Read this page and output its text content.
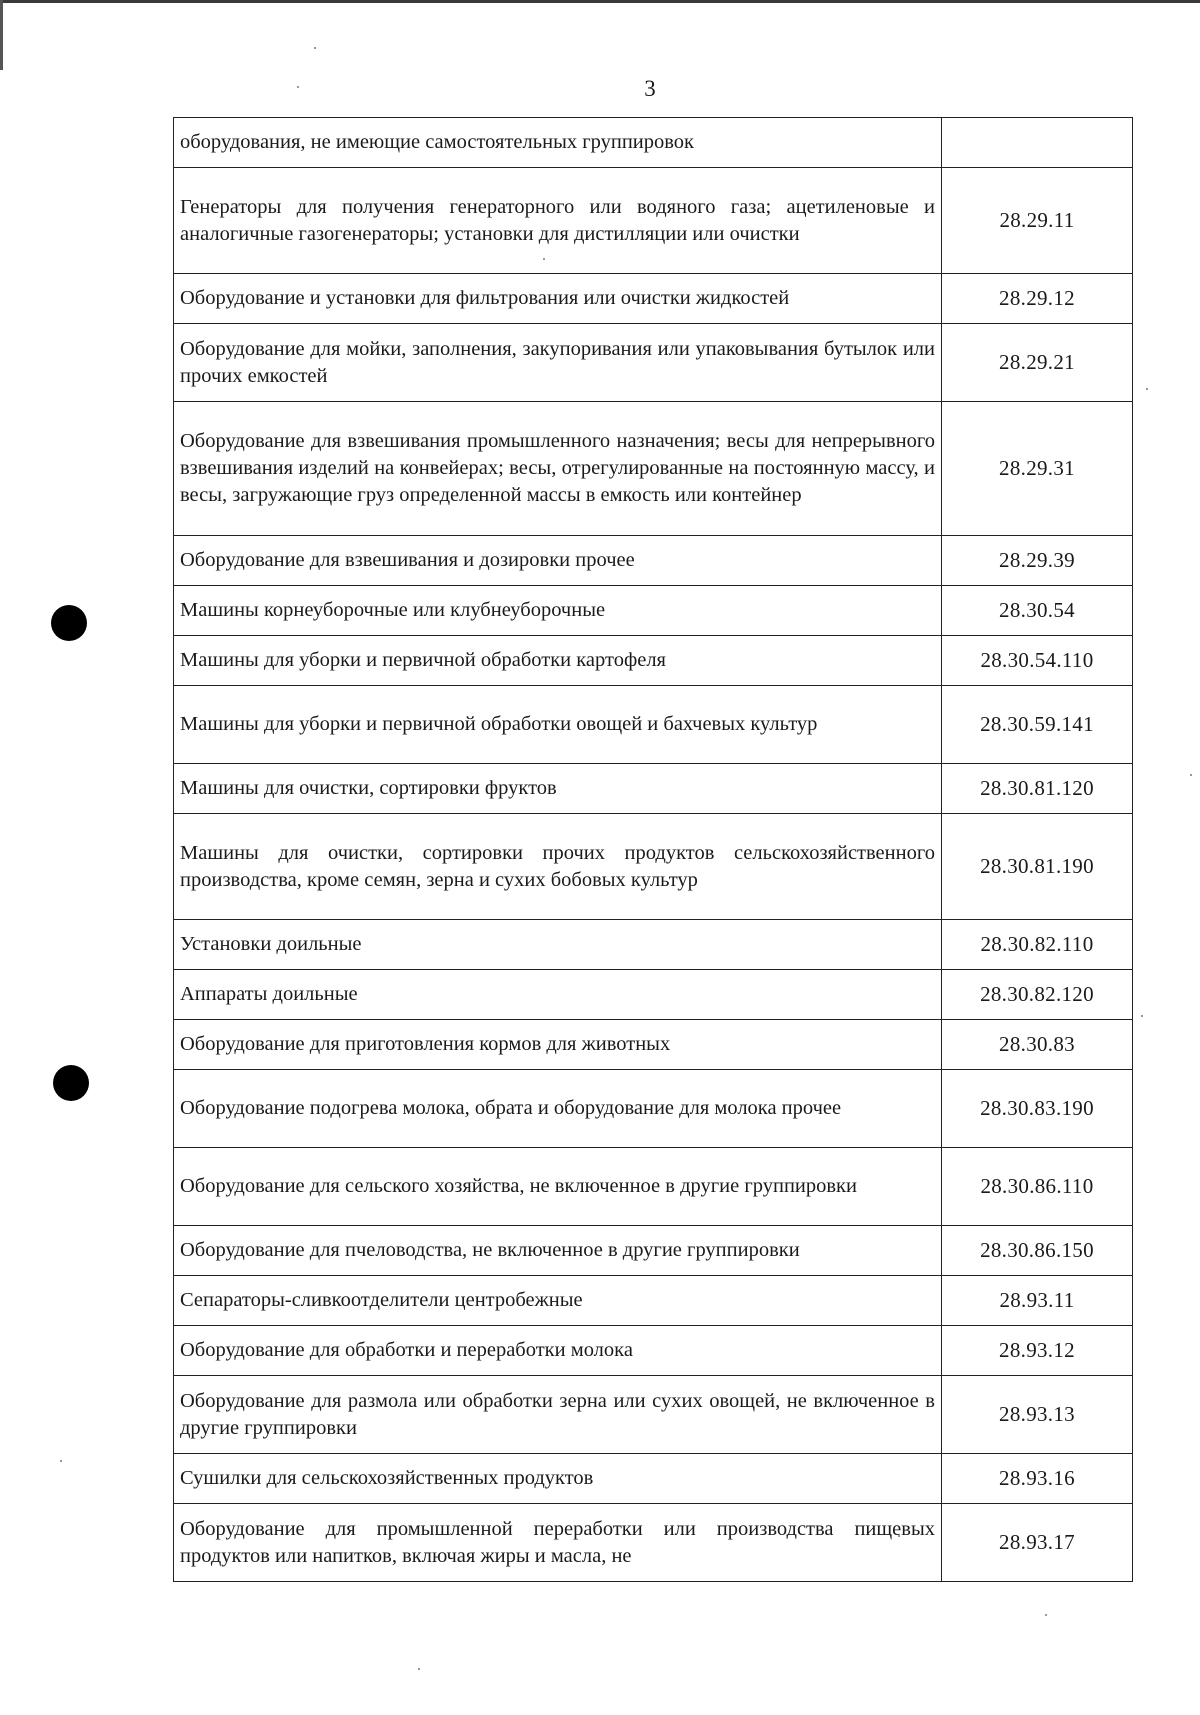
3
оборудования, не имеющие самостоятельных группировок	
Генераторы для получения генераторного или водяного газа; ацетиленовые и аналогичные газогенераторы; установки для дистилляции или очистки	28.29.11
Оборудование и установки для фильтрования или очистки жидкостей	28.29.12
Оборудование для мойки, заполнения, закупоривания или упаковывания бутылок или прочих емкостей	28.29.21
Оборудование для взвешивания промышленного назначения; весы для непрерывного взвешивания изделий на конвейерах; весы, отрегулированные на постоянную массу, и весы, загружающие груз определенной массы в емкость или контейнер	28.29.31
Оборудование для взвешивания и дозировки прочее	28.29.39
Машины корнеуборочные или клубнеуборочные	28.30.54
Машины для уборки и первичной обработки картофеля	28.30.54.110
Машины для уборки и первичной обработки овощей и бахчевых культур	28.30.59.141
Машины для очистки, сортировки фруктов	28.30.81.120
Машины для очистки, сортировки прочих продуктов сельскохозяйственного производства, кроме семян, зерна и сухих бобовых культур	28.30.81.190
Установки доильные	28.30.82.110
Аппараты доильные	28.30.82.120
Оборудование для приготовления кормов для животных	28.30.83
Оборудование подогрева молока, обрата и оборудование для молока прочее	28.30.83.190
Оборудование для сельского хозяйства, не включенное в другие группировки	28.30.86.110
Оборудование для пчеловодства, не включенное в другие группировки	28.30.86.150
Сепараторы-сливкоотделители центробежные	28.93.11
Оборудование для обработки и переработки молока	28.93.12
Оборудование для размола или обработки зерна или сухих овощей, не включенное в другие группировки	28.93.13
Сушилки для сельскохозяйственных продуктов	28.93.16
Оборудование для промышленной переработки или производства пищевых продуктов или напитков, включая жиры и масла, не	28.93.17
